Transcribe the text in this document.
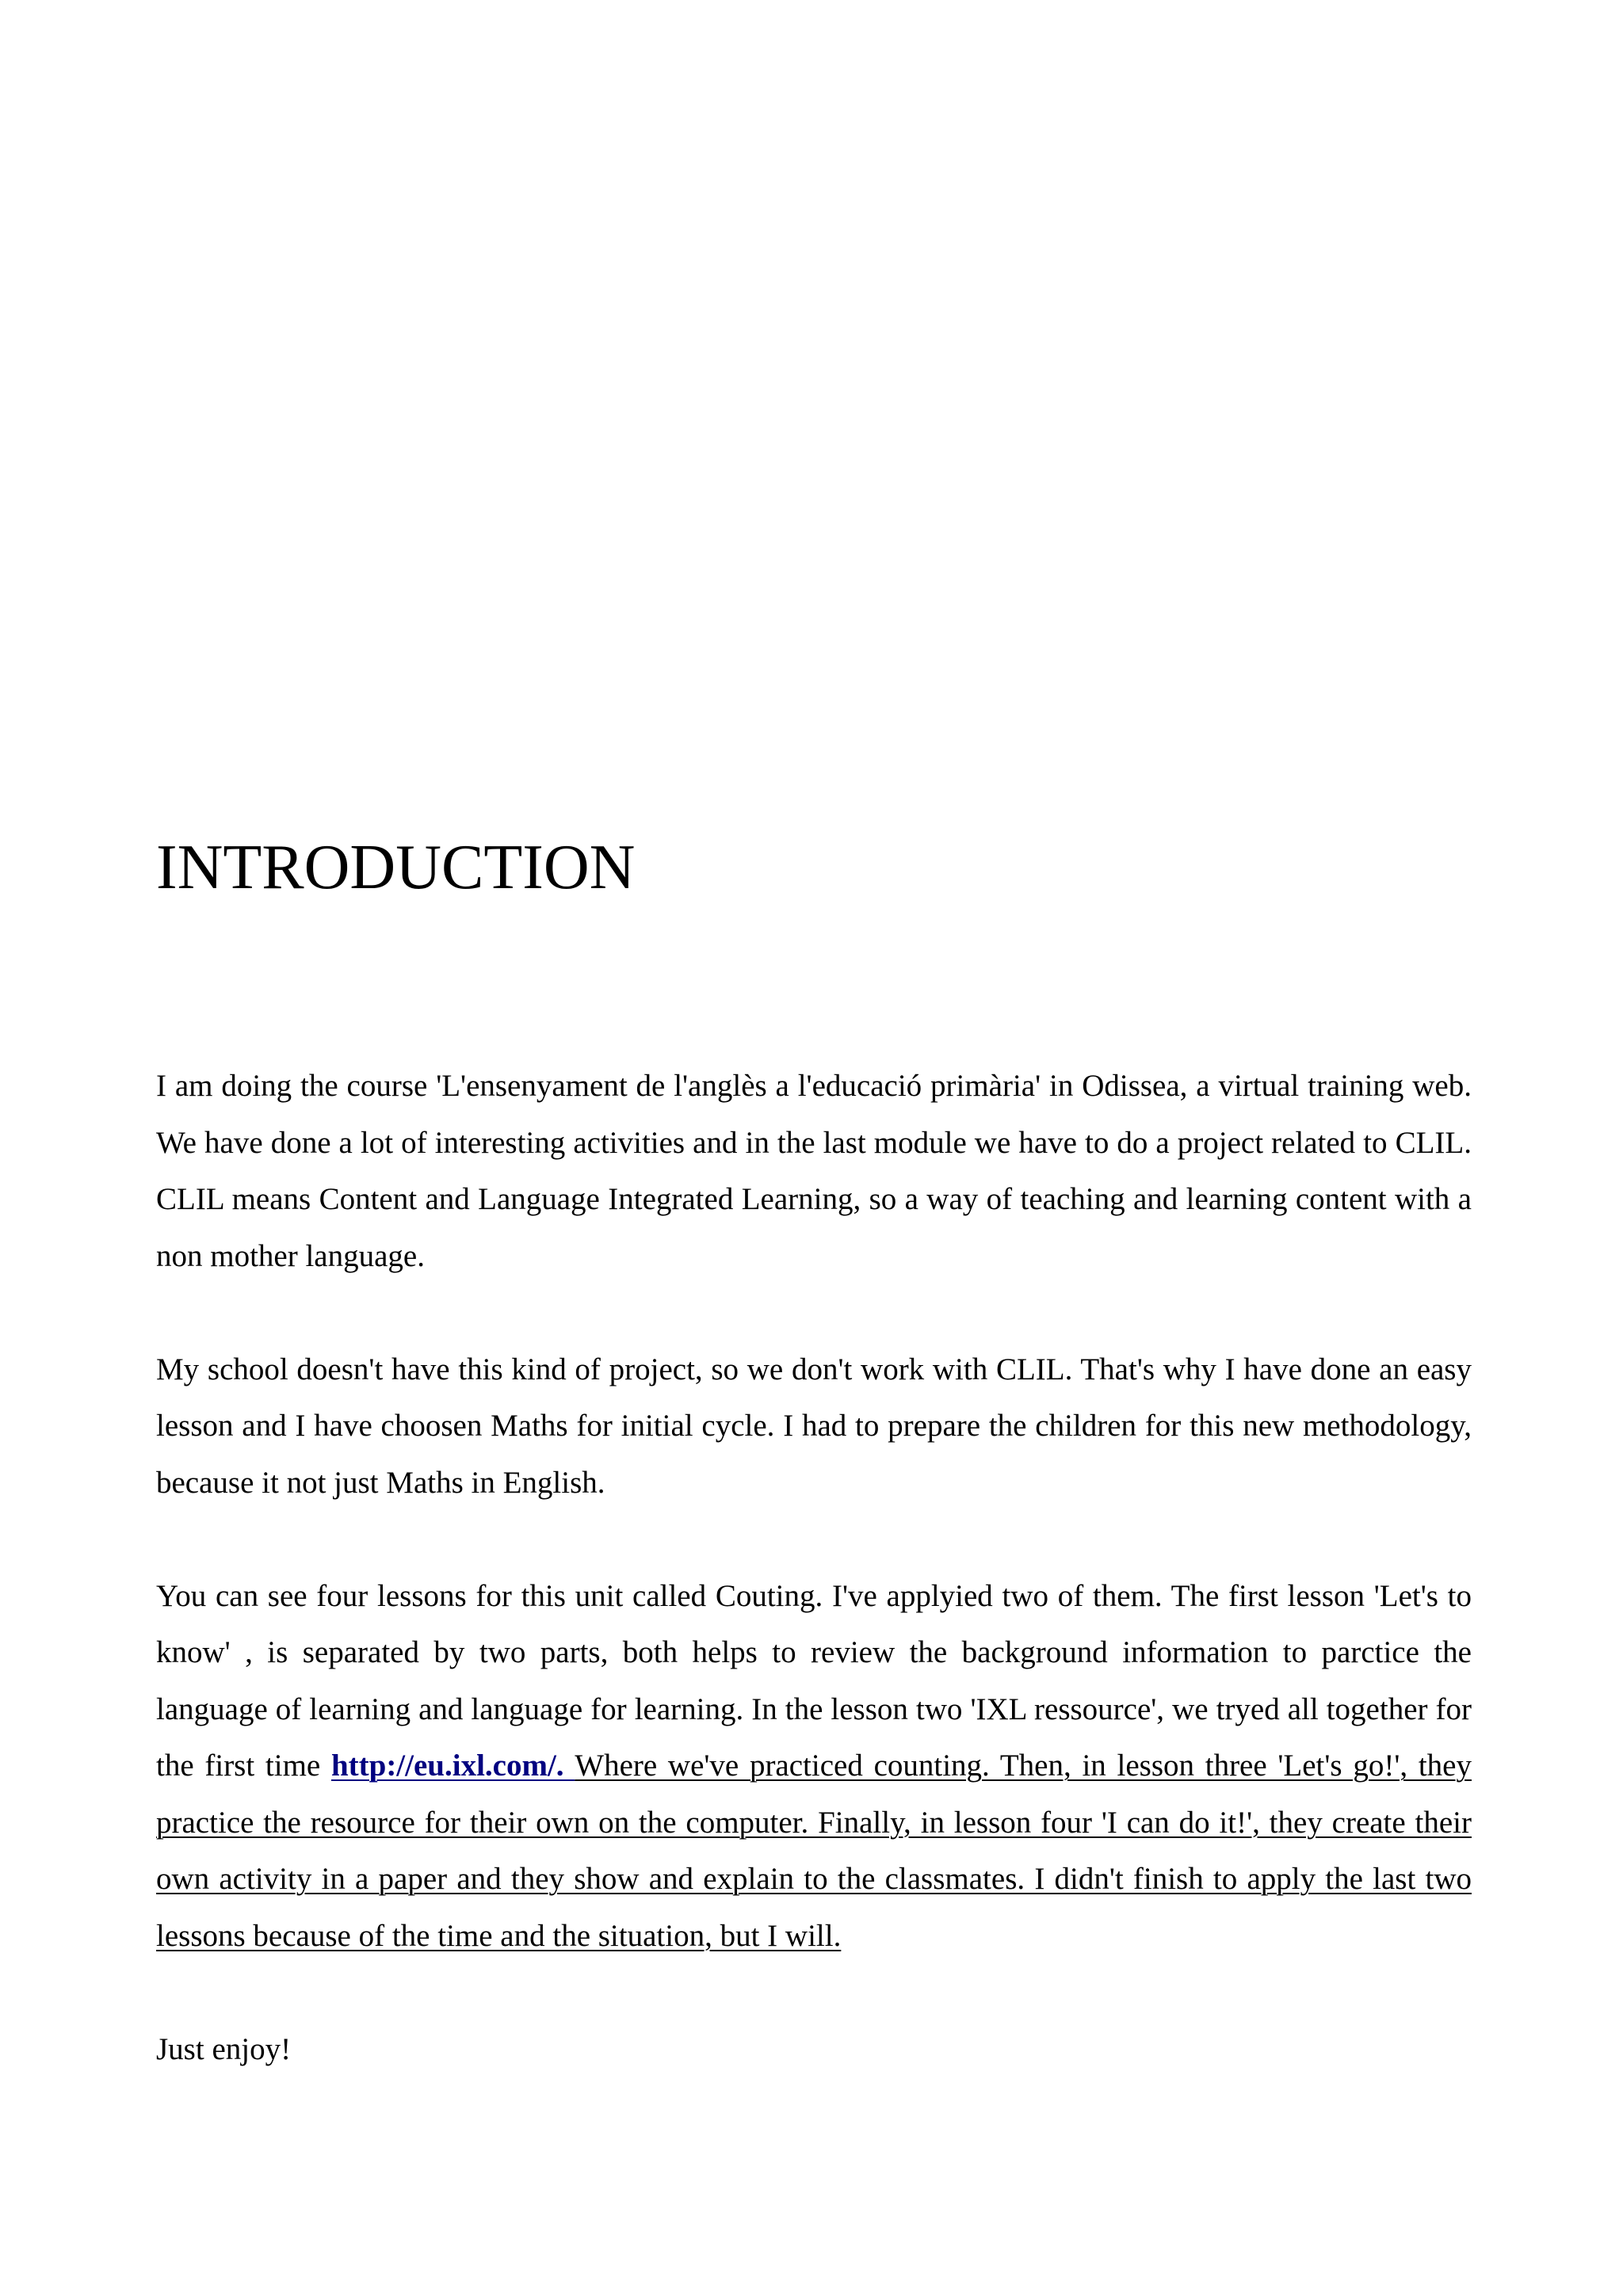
INTRODUCTION

I am doing the course 'L'ensenyament de l'anglès a l'educació primària' in Odissea, a virtual training web. We have done a lot of interesting activities and in the last module we have to do a project related to CLIL. CLIL means Content and Language Integrated Learning, so a way of teaching and learning content with a non mother language.

My school doesn't have this kind of project, so we don't work with CLIL. That's why I have done an easy lesson and I have choosen Maths for initial cycle. I had to prepare the children for this new methodology, because it not just Maths in English.

You can see four lessons for this unit called Couting. I've applyied two of them. The first lesson 'Let's to know' , is separated by two parts, both helps to review the background information to parctice the language of learning and language for learning. In the lesson two 'IXL ressource', we tryed all together for the first time http://eu.ixl.com/. Where we've practiced counting. Then, in lesson three 'Let's go!', they practice the resource for their own on the computer. Finally, in lesson four 'I can do it!', they create their own activity in a paper and they show and explain to the classmates. I didn't finish to apply the last two lessons because of the time and the situation, but I will.

Just enjoy!
